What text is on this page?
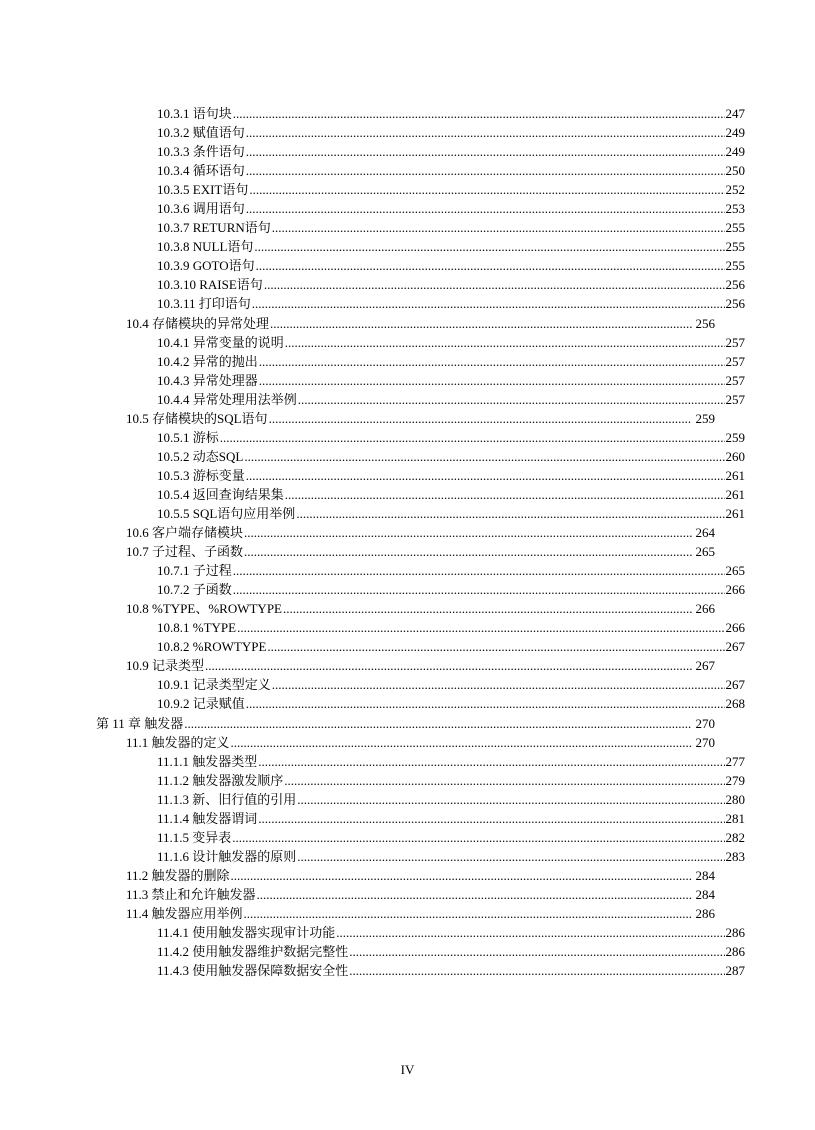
10.3.1 语句块 .....	247
10.3.2 赋值语句 .....	249
10.3.3 条件语句 .....	249
10.3.4 循环语句 .....	250
10.3.5 EXIT语句 .....	252
10.3.6 调用语句 .....	253
10.3.7 RETURN语句 .....	255
10.3.8 NULL语句 .....	255
10.3.9 GOTO语句 .....	255
10.3.10 RAISE语句 .....	256
10.3.11 打印语句 .....	256
10.4 存储模块的异常处理 .....	256
10.4.1 异常变量的说明 .....	257
10.4.2 异常的抛出 .....	257
10.4.3 异常处理器 .....	257
10.4.4 异常处理用法举例 .....	257
10.5 存储模块的SQL语句 .....	259
10.5.1 游标 .....	259
10.5.2 动态SQL .....	260
10.5.3 游标变量 .....	261
10.5.4 返回查询结果集 .....	261
10.5.5 SQL语句应用举例 .....	261
10.6 客户端存储模块 .....	264
10.7 子过程、子函数 .....	265
10.7.1 子过程 .....	265
10.7.2 子函数 .....	266
10.8 %TYPE、%ROWTYPE .....	266
10.8.1 %TYPE .....	266
10.8.2 %ROWTYPE .....	267
10.9 记录类型 .....	267
10.9.1 记录类型定义 .....	267
10.9.2 记录赋值 .....	268
第 11 章 触发器 .....	270
11.1 触发器的定义 .....	270
11.1.1 触发器类型 .....	277
11.1.2 触发器激发顺序 .....	279
11.1.3 新、旧行值的引用 .....	280
11.1.4 触发器谓词 .....	281
11.1.5 变异表 .....	282
11.1.6 设计触发器的原则 .....	283
11.2 触发器的删除 .....	284
11.3 禁止和允许触发器 .....	284
11.4 触发器应用举例 .....	286
11.4.1 使用触发器实现审计功能 .....	286
11.4.2 使用触发器维护数据完整性 .....	286
11.4.3 使用触发器保障数据安全性 .....	287
IV
